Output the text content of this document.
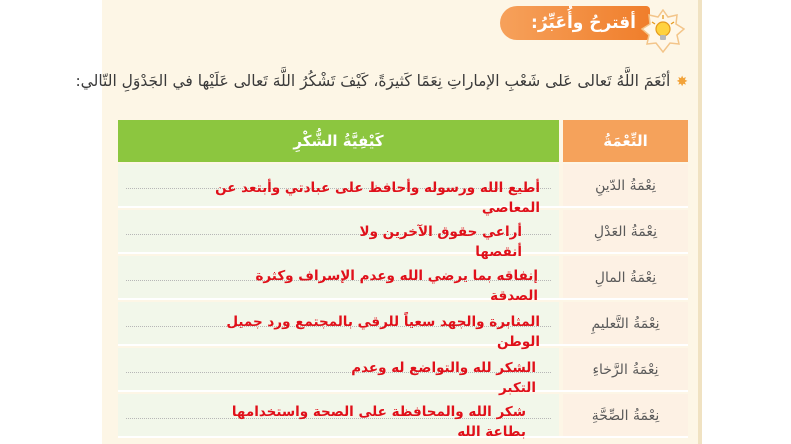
أقترحُ وأُعَبِّرُ:
✸أنْعَمَ اللَّهُ تَعالى عَلى شَعْبِ الإماراتِ نِعَمًا كَثيرَةً، كَيْفَ تَشْكُرُ اللَّهَ تَعالى عَلَيْها في الجَدْوَلِ التّالي:
كَيْفِيَّةُ الشُّكْرِ	النِّعْمَةُ
نِعْمَةُ الدّينِ
نِعْمَةُ العَدْلِ
نِعْمَةُ المالِ
نِعْمَةُ التَّعليمِ
نِعْمَةُ الرَّخاءِ
نِعْمَةُ الصِّحَّةِ
أطيع الله ورسوله وأحافظ على عبادتي وأبتعد عن المعاصي
أراعي حقوق الآخرين ولا أنقصها
إنفاقه بما يرضي الله وعدم الإسراف وكثرة الصدقة
المثابرة والجهد سعياً للرقي بالمجتمع ورد جميل الوطن
الشكر لله والتواضع له وعدم التكبر
شكر الله والمحافظة على الصحة واستخدامها بطاعة الله
